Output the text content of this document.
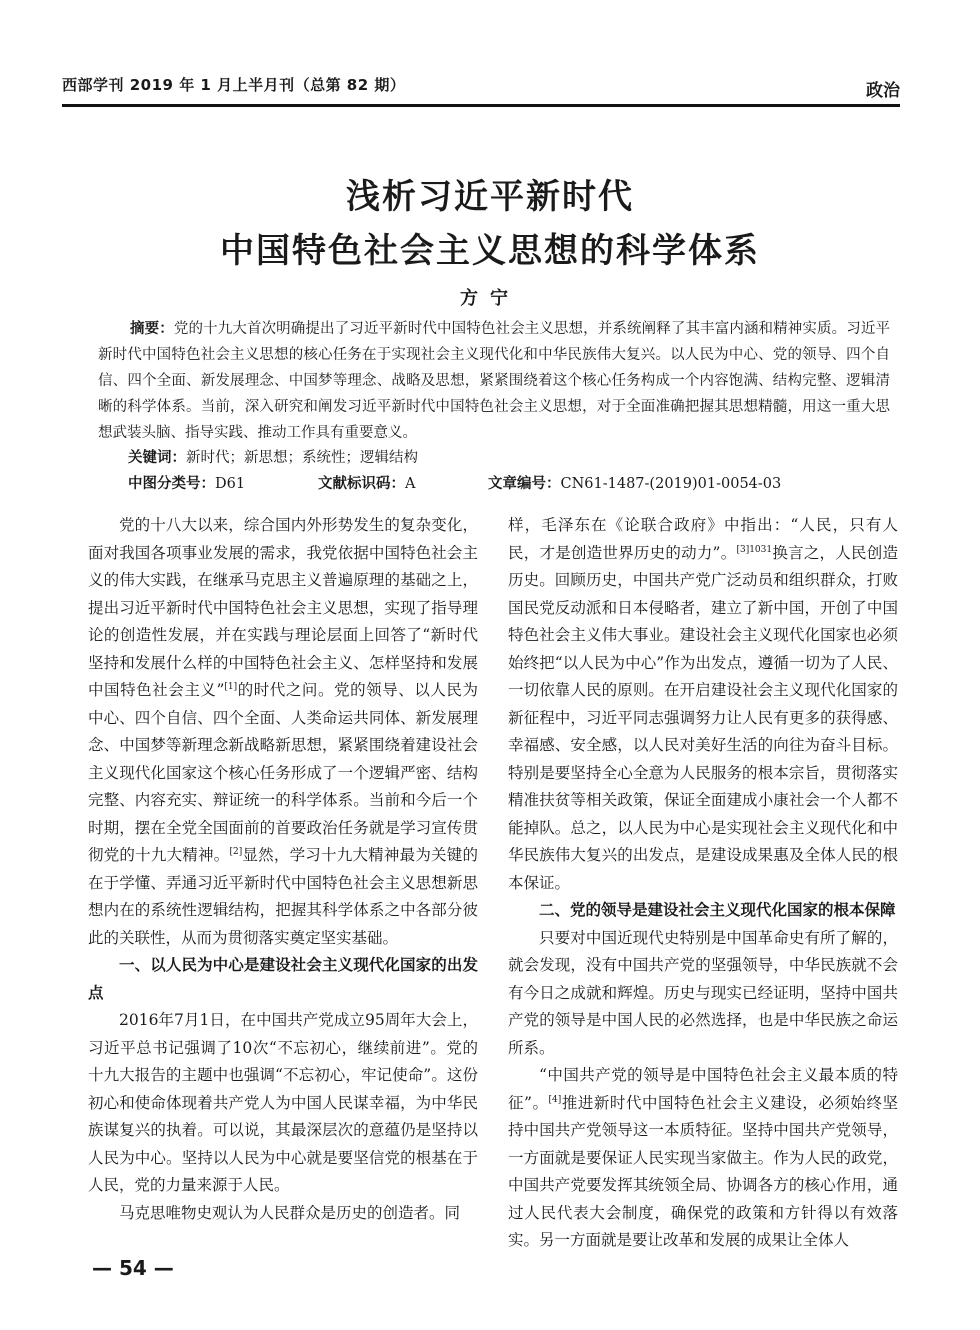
西部学刊 2019 年 1 月上半月刊（总第 82 期）	政治
浅析习近平新时代
中国特色社会主义思想的科学体系
方宁
摘要：党的十九大首次明确提出了习近平新时代中国特色社会主义思想，并系统阐释了其丰富内涵和精神实质。习近平新时代中国特色社会主义思想的核心任务在于实现社会主义现代化和中华民族伟大复兴。以人民为中心、党的领导、四个自信、四个全面、新发展理念、中国梦等理念、战略及思想，紧紧围绕着这个核心任务构成一个内容饱满、结构完整、逻辑清晰的科学体系。当前，深入研究和阐发习近平新时代中国特色社会主义思想，对于全面准确把握其思想精髓，用这一重大思想武装头脑、指导实践、推动工作具有重要意义。
关键词：新时代；新思想；系统性；逻辑结构
中图分类号：D61	文献标识码：A	文章编号：CN61-1487-(2019)01-0054-03

党的十八大以来，综合国内外形势发生的复杂变化，面对我国各项事业发展的需求，我党依据中国特色社会主义的伟大实践，在继承马克思主义普遍原理的基础之上，提出习近平新时代中国特色社会主义思想，实现了指导理论的创造性发展，并在实践与理论层面上回答了“新时代坚持和发展什么样的中国特色社会主义、怎样坚持和发展中国特色社会主义”[1]的时代之问。党的领导、以人民为中心、四个自信、四个全面、人类命运共同体、新发展理念、中国梦等新理念新战略新思想，紧紧围绕着建设社会主义现代化国家这个核心任务形成了一个逻辑严密、结构完整、内容充实、辩证统一的科学体系。当前和今后一个时期，摆在全党全国面前的首要政治任务就是学习宣传贯彻党的十九大精神。[2]显然，学习十九大精神最为关键的在于学懂、弄通习近平新时代中国特色社会主义思想新思想内在的系统性逻辑结构，把握其科学体系之中各部分彼此的关联性，从而为贯彻落实奠定坚实基础。

一、以人民为中心是建设社会主义现代化国家的出发点

2016年7月1日，在中国共产党成立95周年大会上，习近平总书记强调了10次“不忘初心，继续前进”。党的十九大报告的主题中也强调“不忘初心，牢记使命”。这份初心和使命体现着共产党人为中国人民谋幸福，为中华民族谋复兴的执着。可以说，其最深层次的意蕴仍是坚持以人民为中心。坚持以人民为中心就是要坚信党的根基在于人民，党的力量来源于人民。

马克思唯物史观认为人民群众是历史的创造者。同

样，毛泽东在《论联合政府》中指出：“人民，只有人民，才是创造世界历史的动力”。$^{[3]1031}$换言之，人民创造历史。回顾历史，中国共产党广泛动员和组织群众，打败国民党反动派和日本侵略者，建立了新中国，开创了中国特色社会主义伟大事业。建设社会主义现代化国家也必须始终把“以人民为中心”作为出发点，遵循一切为了人民、一切依靠人民的原则。在开启建设社会主义现代化国家的新征程中，习近平同志强调努力让人民有更多的获得感、幸福感、安全感，以人民对美好生活的向往为奋斗目标。特别是要坚持全心全意为人民服务的根本宗旨，贯彻落实精准扶贫等相关政策，保证全面建成小康社会一个人都不能掉队。总之，以人民为中心是实现社会主义现代化和中华民族伟大复兴的出发点，是建设成果惠及全体人民的根本保证。

二、党的领导是建设社会主义现代化国家的根本保障

只要对中国近现代史特别是中国革命史有所了解的，就会发现，没有中国共产党的坚强领导，中华民族就不会有今日之成就和辉煌。历史与现实已经证明，坚持中国共产党的领导是中国人民的必然选择，也是中华民族之命运所系。

“中国共产党的领导是中国特色社会主义最本质的特征”。[4]推进新时代中国特色社会主义建设，必须始终坚持中国共产党领导这一本质特征。坚持中国共产党领导，一方面就是要保证人民实现当家做主。作为人民的政党，中国共产党要发挥其统领全局、协调各方的核心作用，通过人民代表大会制度，确保党的政策和方针得以有效落实。另一方面就是要让改革和发展的成果让全体人

— 54 —
